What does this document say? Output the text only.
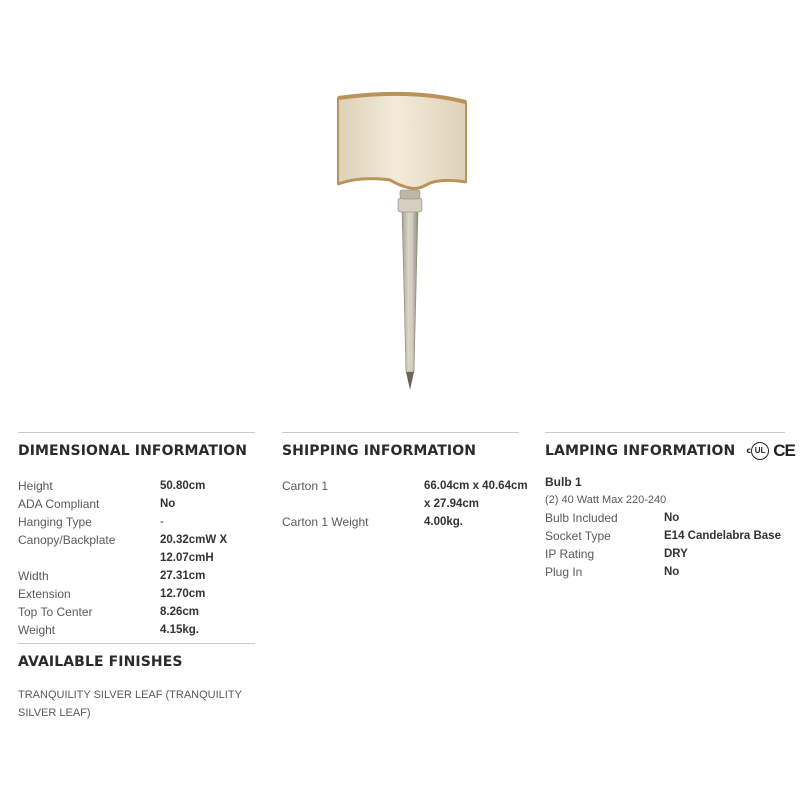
DIMENSIONAL INFORMATION
Height	50.80cm
ADA Compliant	No
Hanging Type	-
Canopy/Backplate	20.32cmW X
12.07cmH
Width	27.31cm
Extension	12.70cm
Top To Center	8.26cm
Weight	4.15kg.
AVAILABLE FINISHES
TRANQUILITY SILVER LEAF (TRANQUILITY
SILVER LEAF)
SHIPPING INFORMATION
Carton 1	66.04cm x 40.64cm
x 27.94cm
Carton 1 Weight	4.00kg.
LAMPING INFORMATION c UL CE
Bulb 1
(2) 40 Watt Max 220-240
Bulb Included	No
Socket Type	E14 Candelabra Base
IP Rating	DRY
Plug In	No
